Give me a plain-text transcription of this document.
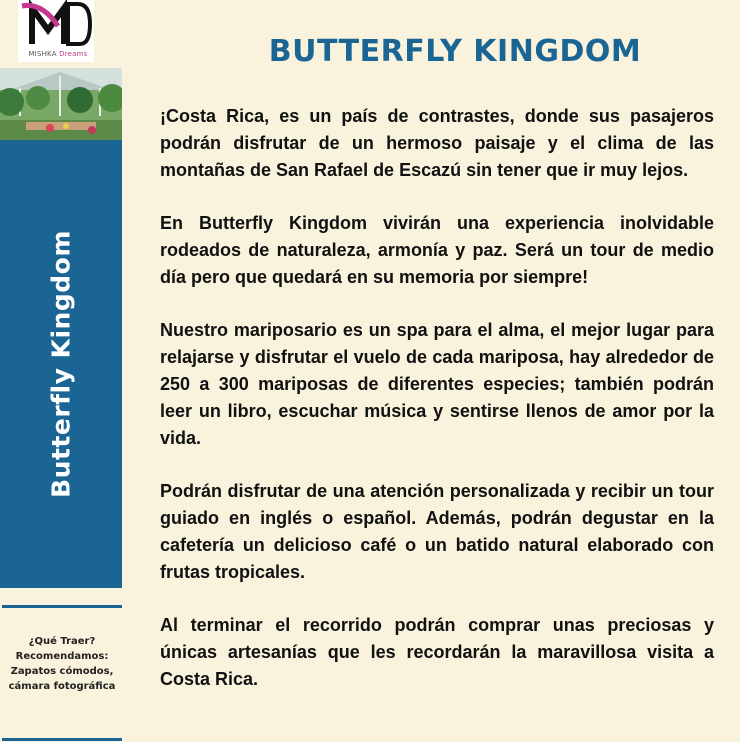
MISHKA Dreams
Butterfly Kingdom
¿Qué Traer?
Recomendamos:
Zapatos cómodos,
cámara fotográfica
BUTTERFLY KINGDOM

¡Costa Rica, es un país de contrastes, donde sus pasajeros podrán disfrutar de un hermoso paisaje y el clima de las montañas de San Rafael de Escazú sin tener que ir muy lejos.

En Butterfly Kingdom vivirán una experiencia inolvidable rodeados de naturaleza, armonía y paz. Será un tour de medio día pero que quedará en su memoria por siempre!

Nuestro mariposario es un spa para el alma, el mejor lugar para relajarse y disfrutar el vuelo de cada mariposa, hay alrededor de 250 a 300 mariposas de diferentes especies; también podrán leer un libro, escuchar música y sentirse llenos de amor por la vida.

Podrán disfrutar de una atención personalizada y recibir un tour guiado en inglés o español. Además, podrán degustar en la cafetería un delicioso café o un batido natural elaborado con frutas tropicales.

Al terminar el recorrido podrán comprar unas preciosas y únicas artesanías que les recordarán la maravillosa visita a Costa Rica.
